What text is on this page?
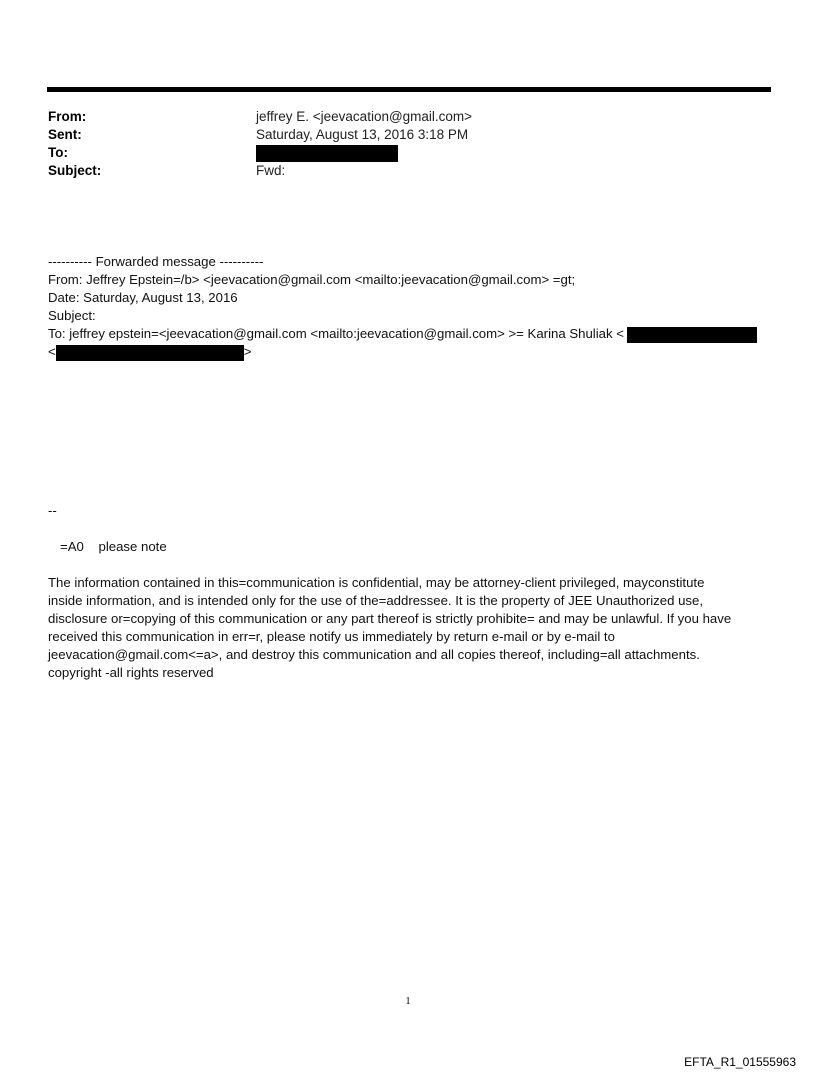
From:	jeffrey E. <jeevacation@gmail.com>
Sent:	Saturday, August 13, 2016 3:18 PM
To:
Subject:	Fwd:
---------- Forwarded message ----------
From: Jeffrey Epstein=/b> <jeevacation@gmail.com <mailto:jeevacation@gmail.com> =gt;
Date: Saturday, August 13, 2016
Subject:
To: jeffrey epstein=<jeevacation@gmail.com <mailto:jeevacation@gmail.com> >= Karina Shuliak <
<	>
--
=A0    please note
The information contained in this=communication is confidential, may be attorney-client privileged, mayconstitute
inside information, and is intended only for the use of the=addressee. It is the property of JEE Unauthorized use,
disclosure or=copying of this communication or any part thereof is strictly prohibite= and may be unlawful. If you have
received this communication in err=r, please notify us immediately by return e-mail or by e-mail to
jeevacation@gmail.com<=a>, and destroy this communication and all copies thereof, including=all attachments.
copyright -all rights reserved
1
EFTA_R1_01555963
